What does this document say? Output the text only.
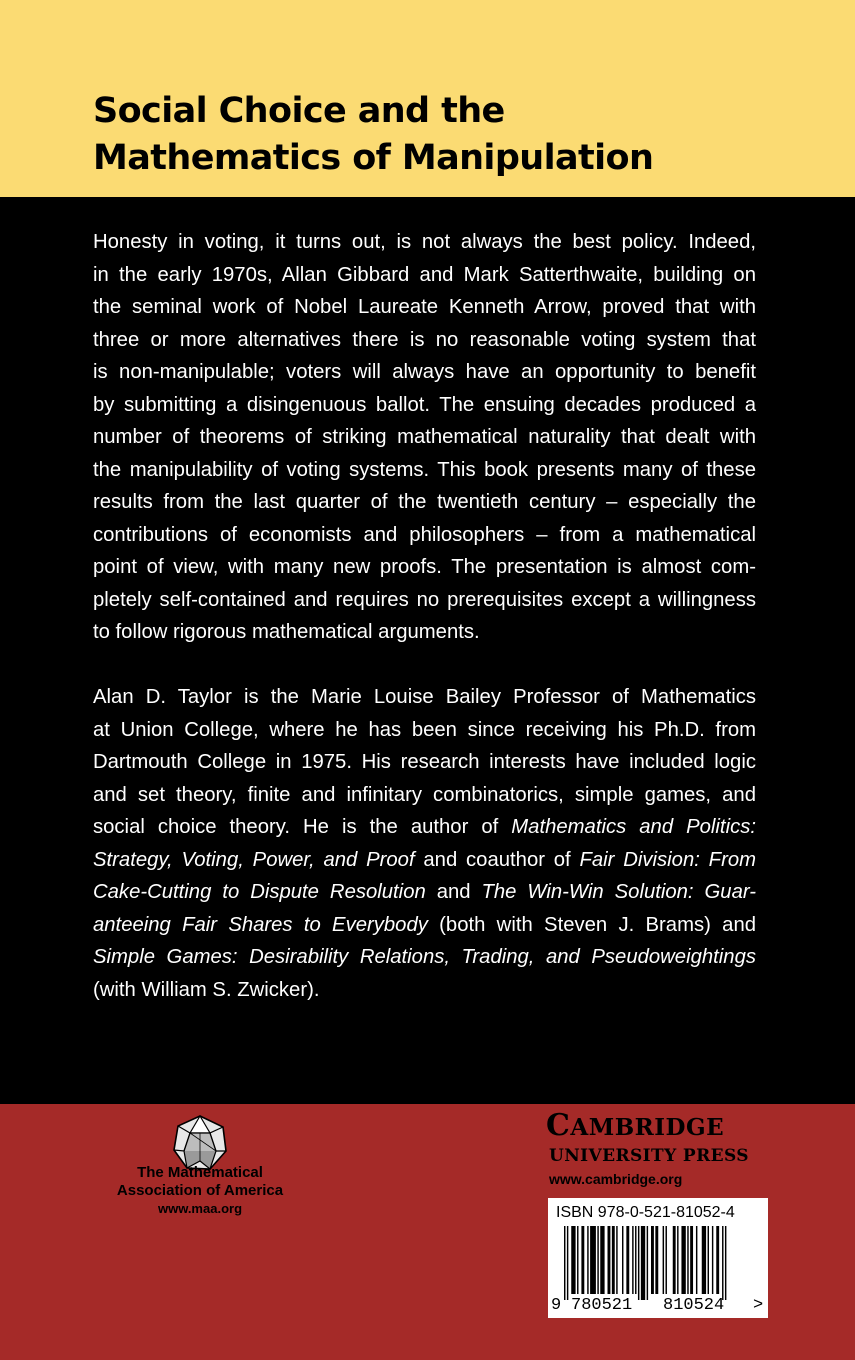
Social Choice and the
Mathematics of Manipulation

Honesty in voting, it turns out, is not always the best policy. Indeed,
in the early 1970s, Allan Gibbard and Mark Satterthwaite, building on
the seminal work of Nobel Laureate Kenneth Arrow, proved that with
three or more alternatives there is no reasonable voting system that
is non-manipulable; voters will always have an opportunity to benefit
by submitting a disingenuous ballot. The ensuing decades produced a
number of theorems of striking mathematical naturality that dealt with
the manipulability of voting systems. This book presents many of these
results from the last quarter of the twentieth century – especially the
contributions of economists and philosophers – from a mathematical
point of view, with many new proofs. The presentation is almost com-
pletely self-contained and requires no prerequisites except a willingness
to follow rigorous mathematical arguments.

Alan D. Taylor is the Marie Louise Bailey Professor of Mathematics
at Union College, where he has been since receiving his Ph.D. from
Dartmouth College in 1975. His research interests have included logic
and set theory, finite and infinitary combinatorics, simple games, and
social choice theory. He is the author of Mathematics and Politics:
Strategy, Voting, Power, and Proof and coauthor of Fair Division: From
Cake-Cutting to Dispute Resolution and The Win-Win Solution: Guar-
anteeing Fair Shares to Everybody (both with Steven J. Brams) and
Simple Games: Desirability Relations, Trading, and Pseudoweightings
(with William S. Zwicker).

The Mathematical
Association of America
www.maa.org
CAMBRIDGE
UNIVERSITY PRESS
www.cambridge.org
ISBN 978-0-521-81052-4
9 780521 810524 >
